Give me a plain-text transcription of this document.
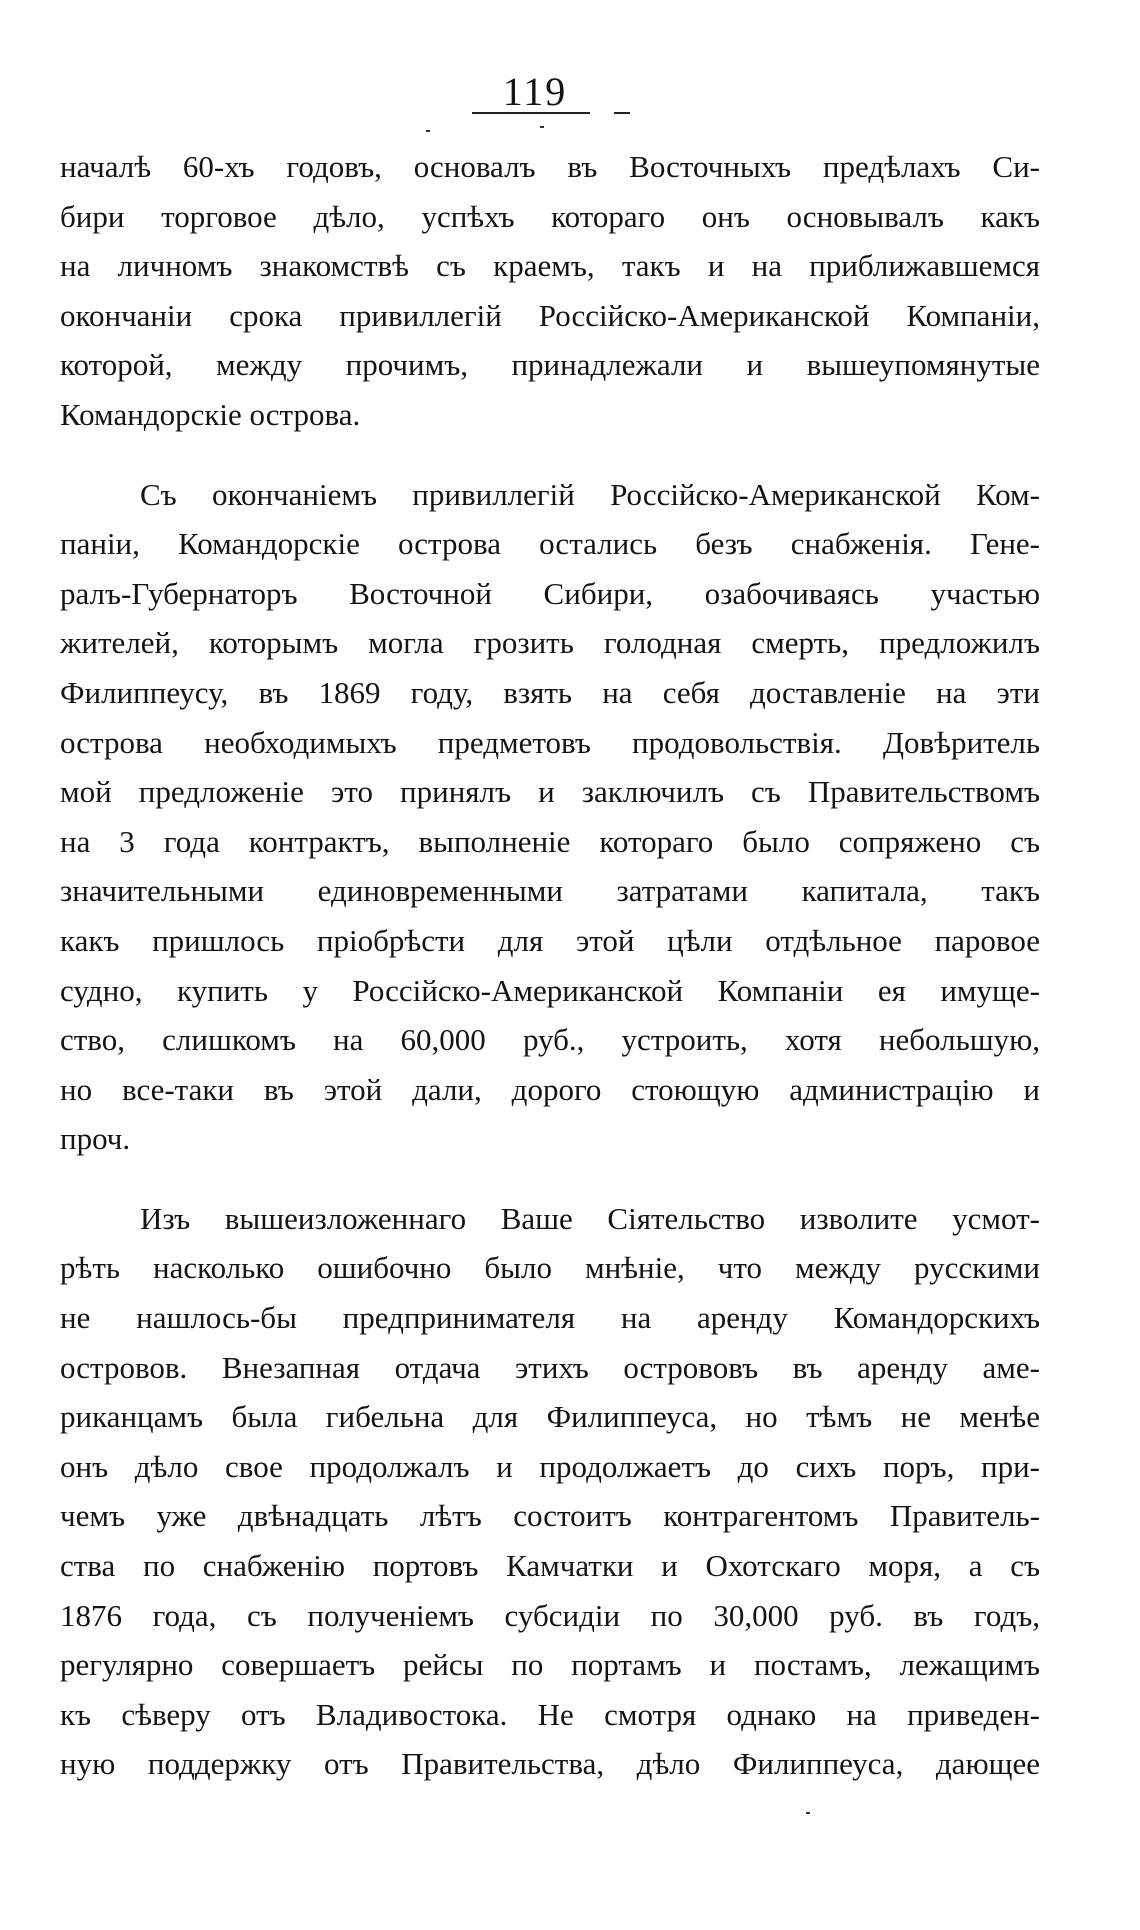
119
началѣ 60-хъ годовъ, основалъ въ Восточныхъ предѣлахъ Си-
бири торговое дѣло, успѣхъ котораго онъ основывалъ какъ
на личномъ знакомствѣ съ краемъ, такъ и на приближавшемся
окончаніи срока привиллегій Россійско-Американской Компаніи,
которой, между прочимъ, принадлежали и вышеупомянутые
Командорскіе острова.
Съ окончаніемъ привиллегій Россійско-Американской Ком-
паніи, Командорскіе острова остались безъ снабженія. Гене-
ралъ-Губернаторъ Восточной Сибири, озабочиваясь участью
жителей, которымъ могла грозить голодная смерть, предложилъ
Филиппеусу, въ 1869 году, взять на себя доставленіе на эти
острова необходимыхъ предметовъ продовольствія. Довѣритель
мой предложеніе это принялъ и заключилъ съ Правительствомъ
на 3 года контрактъ, выполненіе котораго было сопряжено съ
значительными единовременными затратами капитала, такъ
какъ пришлось пріобрѣсти для этой цѣли отдѣльное паровое
судно, купить у Россійско-Американской Компаніи ея имуще-
ство, слишкомъ на 60,000 руб., устроить, хотя небольшую,
но все-таки въ этой дали, дорого стоющую администрацію и
проч.
Изъ вышеизложеннаго Ваше Сіятельство изволите усмот-
рѣть насколько ошибочно было мнѣніе, что между русскими
не нашлось-бы предпринимателя на аренду Командорскихъ
островов. Внезапная отдача этихъ острововъ въ аренду аме-
риканцамъ была гибельна для Филиппеуса, но тѣмъ не менѣе
онъ дѣло свое продолжалъ и продолжаетъ до сихъ поръ, при-
чемъ уже двѣнадцать лѣтъ состоитъ контрагентомъ Правитель-
ства по снабженію портовъ Камчатки и Охотскаго моря, а съ
1876 года, съ полученіемъ субсидіи по 30,000 руб. въ годъ,
регулярно совершаетъ рейсы по портамъ и постамъ, лежащимъ
къ сѣверу отъ Владивостока. Не смотря однако на приведен-
ную поддержку отъ Правительства, дѣло Филиппеуса, дающее
